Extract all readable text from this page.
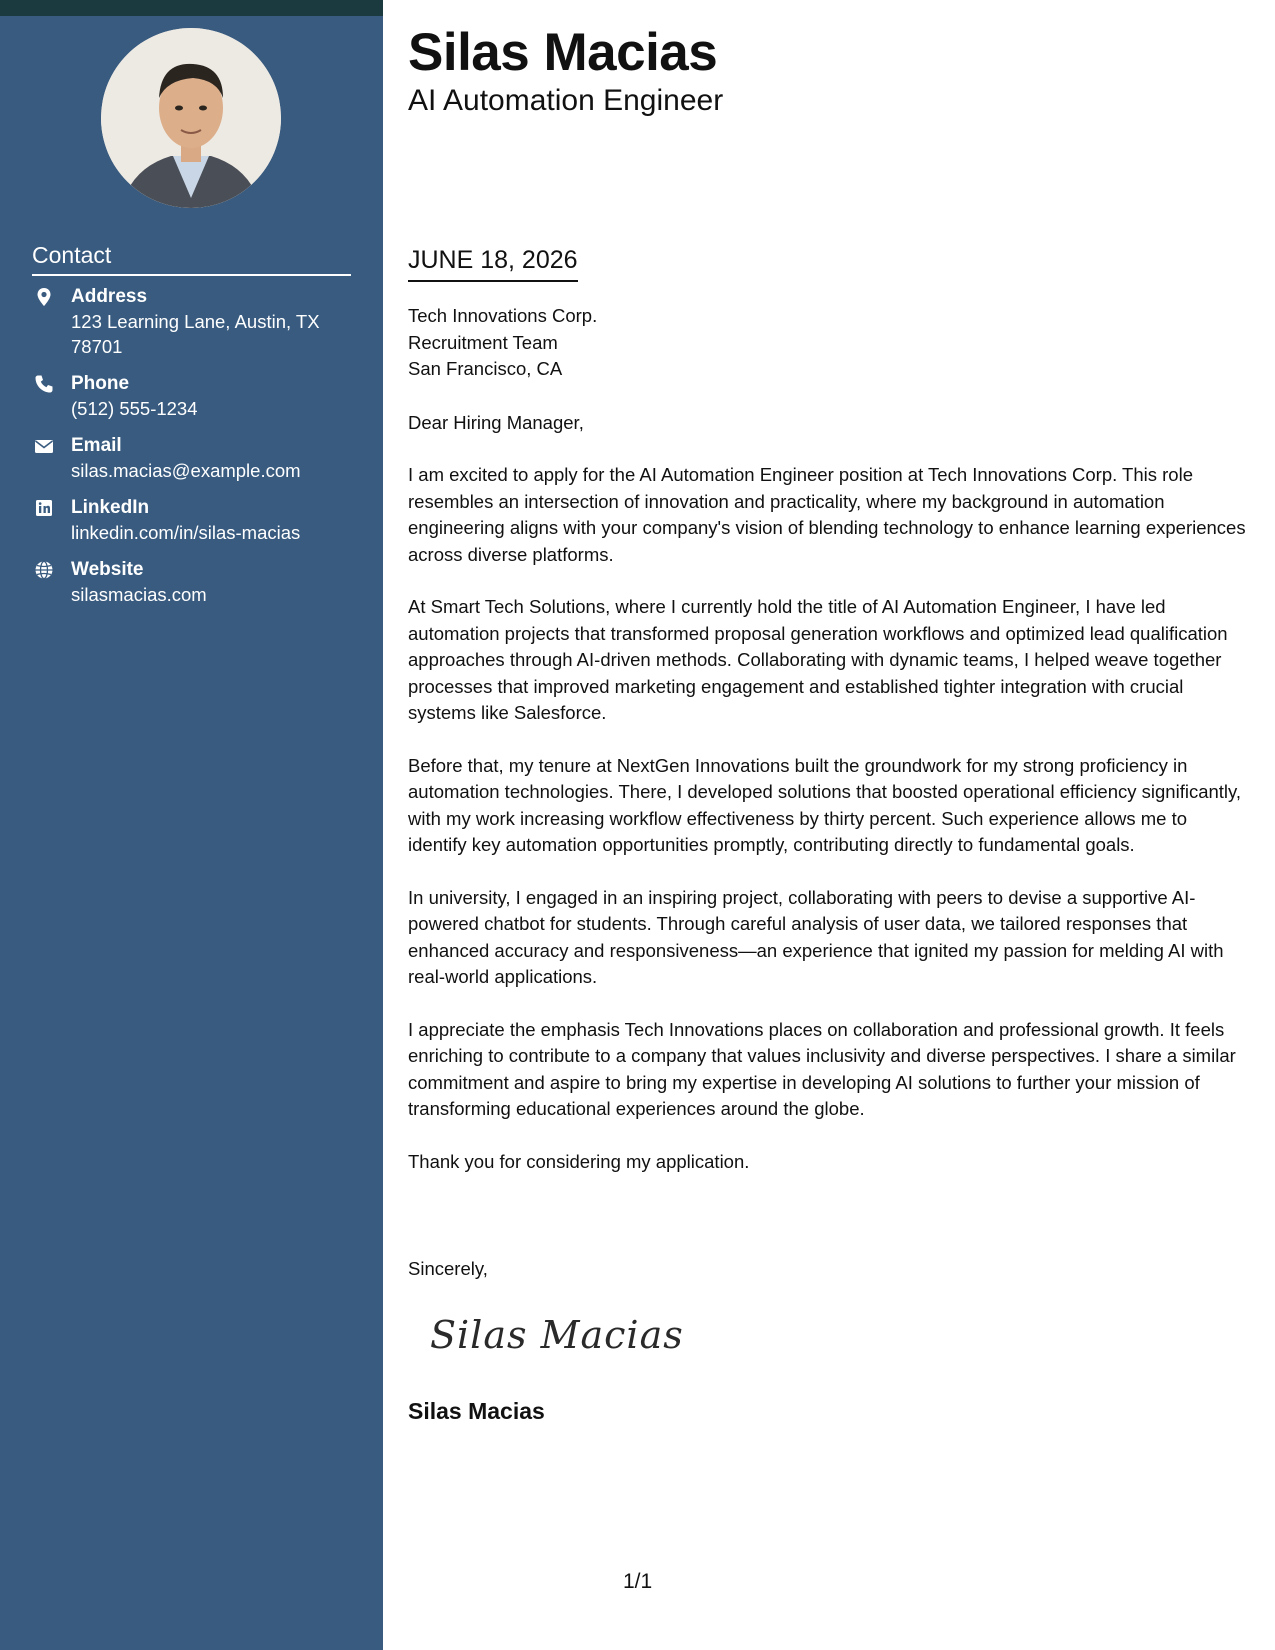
Contact
Address
123 Learning Lane, Austin, TX 78701
Phone
(512) 555-1234
Email
silas.macias@example.com
LinkedIn
linkedin.com/in/silas-macias
Website
silasmacias.com
Silas Macias
AI Automation Engineer
JUNE 18, 2026
Tech Innovations Corp.
Recruitment Team
San Francisco, CA
Dear Hiring Manager,

I am excited to apply for the AI Automation Engineer position at Tech Innovations Corp. This role resembles an intersection of innovation and practicality, where my background in automation engineering aligns with your company's vision of blending technology to enhance learning experiences across diverse platforms.

At Smart Tech Solutions, where I currently hold the title of AI Automation Engineer, I have led automation projects that transformed proposal generation workflows and optimized lead qualification approaches through AI-driven methods. Collaborating with dynamic teams, I helped weave together processes that improved marketing engagement and established tighter integration with crucial systems like Salesforce.

Before that, my tenure at NextGen Innovations built the groundwork for my strong proficiency in automation technologies. There, I developed solutions that boosted operational efficiency significantly, with my work increasing workflow effectiveness by thirty percent. Such experience allows me to identify key automation opportunities promptly, contributing directly to fundamental goals.

In university, I engaged in an inspiring project, collaborating with peers to devise a supportive AI-powered chatbot for students. Through careful analysis of user data, we tailored responses that enhanced accuracy and responsiveness—an experience that ignited my passion for melding AI with real-world applications.

I appreciate the emphasis Tech Innovations places on collaboration and professional growth. It feels enriching to contribute to a company that values inclusivity and diverse perspectives. I share a similar commitment and aspire to bring my expertise in developing AI solutions to further your mission of transforming educational experiences around the globe.

Thank you for considering my application.

Sincerely,
Silas Macias
Silas Macias
1/1
